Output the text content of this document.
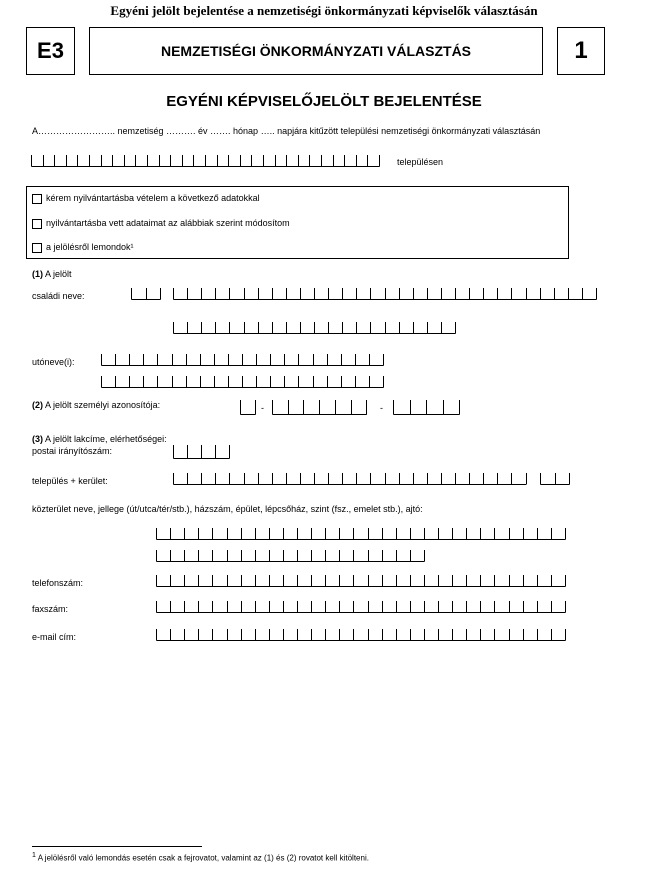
Egyéni jelölt bejelentése a nemzetiségi önkormányzati képviselők választásán
E3	NEMZETISÉGI ÖNKORMÁNYZATI VÁLASZTÁS	1
EGYÉNI KÉPVISELŐJELÖLT BEJELENTÉSE
A…………………….. nemzetiség ………. év ……. hónap ….. napjára kitűzött települési nemzetiségi önkormányzati választásán
településen
kérem nyilvántartásba vételem a következő adatokkal
nyilvántartásba vett adataimat az alábbiak szerint módosítom
a jelölésről lemondok¹
(1) A jelölt
családi neve:
utóneve(i):
(2) A jelölt személyi azonosítója:	-	-
(3) A jelölt lakcíme, elérhetőségei:
postai irányítószám:
település + kerület:
közterület neve, jellege (út/utca/tér/stb.), házszám, épület, lépcsőház, szint (fsz., emelet stb.), ajtó:
telefonszám:
faxszám:
e-mail cím:
$^1$ A jelölésről való lemondás esetén csak a fejrovatot, valamint az (1) és (2) rovatot kell kitölteni.
